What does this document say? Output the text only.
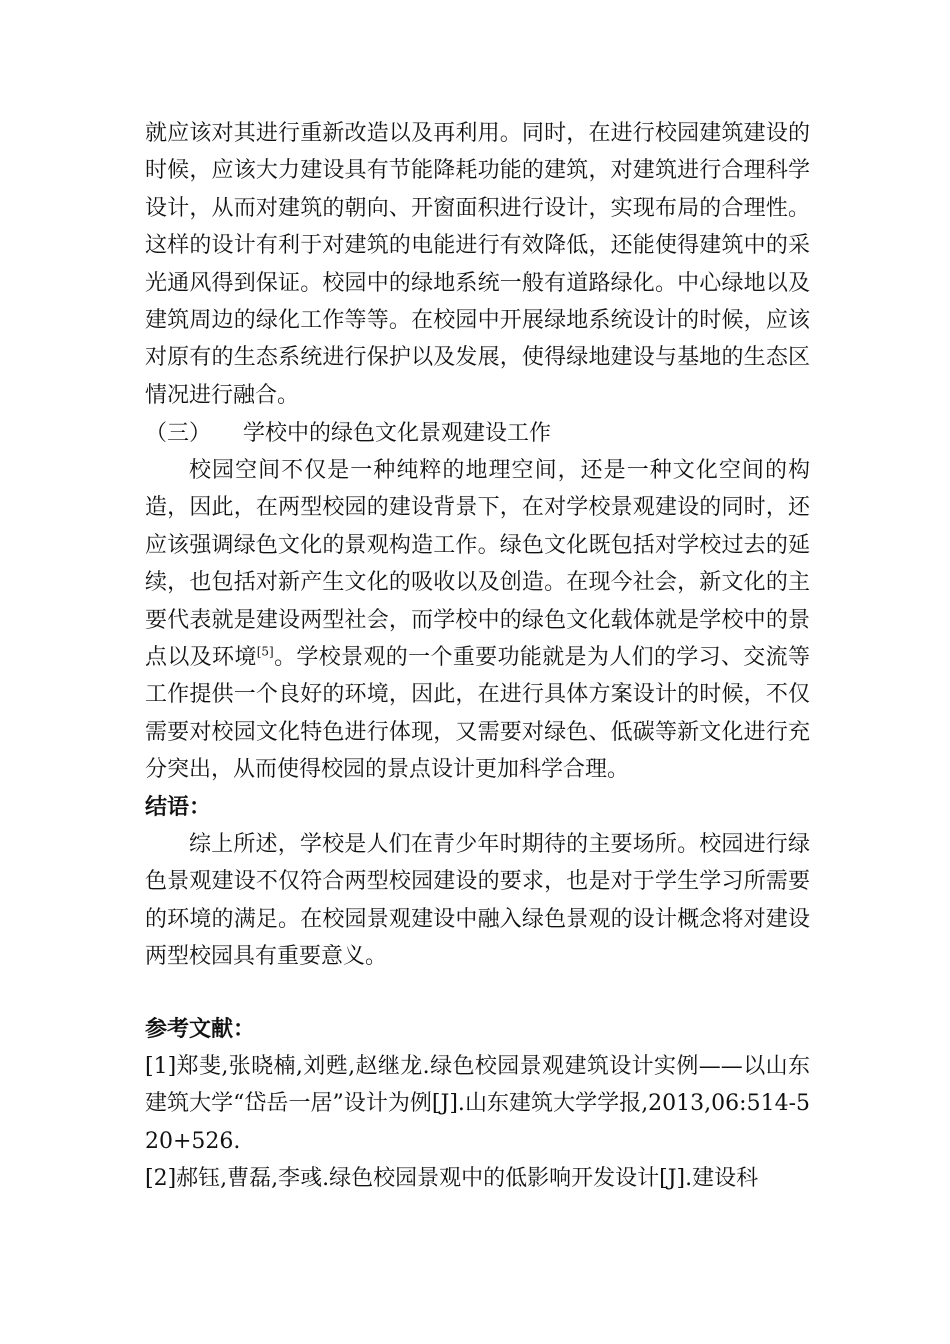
就应该对其进行重新改造以及再利用。同时，在进行校园建筑建设的时候，应该大力建设具有节能降耗功能的建筑，对建筑进行合理科学设计，从而对建筑的朝向、开窗面积进行设计，实现布局的合理性。这样的设计有利于对建筑的电能进行有效降低，还能使得建筑中的采光通风得到保证。校园中的绿地系统一般有道路绿化。中心绿地以及建筑周边的绿化工作等等。在校园中开展绿地系统设计的时候，应该对原有的生态系统进行保护以及发展，使得绿地建设与基地的生态区情况进行融合。

（三） 学校中的绿色文化景观建设工作

校园空间不仅是一种纯粹的地理空间，还是一种文化空间的构造，因此，在两型校园的建设背景下，在对学校景观建设的同时，还应该强调绿色文化的景观构造工作。绿色文化既包括对学校过去的延续，也包括对新产生文化的吸收以及创造。在现今社会，新文化的主要代表就是建设两型社会，而学校中的绿色文化载体就是学校中的景点以及环境[5]。学校景观的一个重要功能就是为人们的学习、交流等工作提供一个良好的环境，因此，在进行具体方案设计的时候，不仅需要对校园文化特色进行体现，又需要对绿色、低碳等新文化进行充分突出，从而使得校园的景点设计更加科学合理。

结语：

综上所述，学校是人们在青少年时期待的主要场所。校园进行绿色景观建设不仅符合两型校园建设的要求，也是对于学生学习所需要的环境的满足。在校园景观建设中融入绿色景观的设计概念将对建设两型校园具有重要意义。

参考文献：

[1]郑斐,张晓楠,刘甦,赵继龙.绿色校园景观建筑设计实例——以山东建筑大学“岱岳一居”设计为例[J].山东建筑大学学报,2013,06:514-520+526.

[2]郝钰,曹磊,李彧.绿色校园景观中的低影响开发设计[J].建设科
